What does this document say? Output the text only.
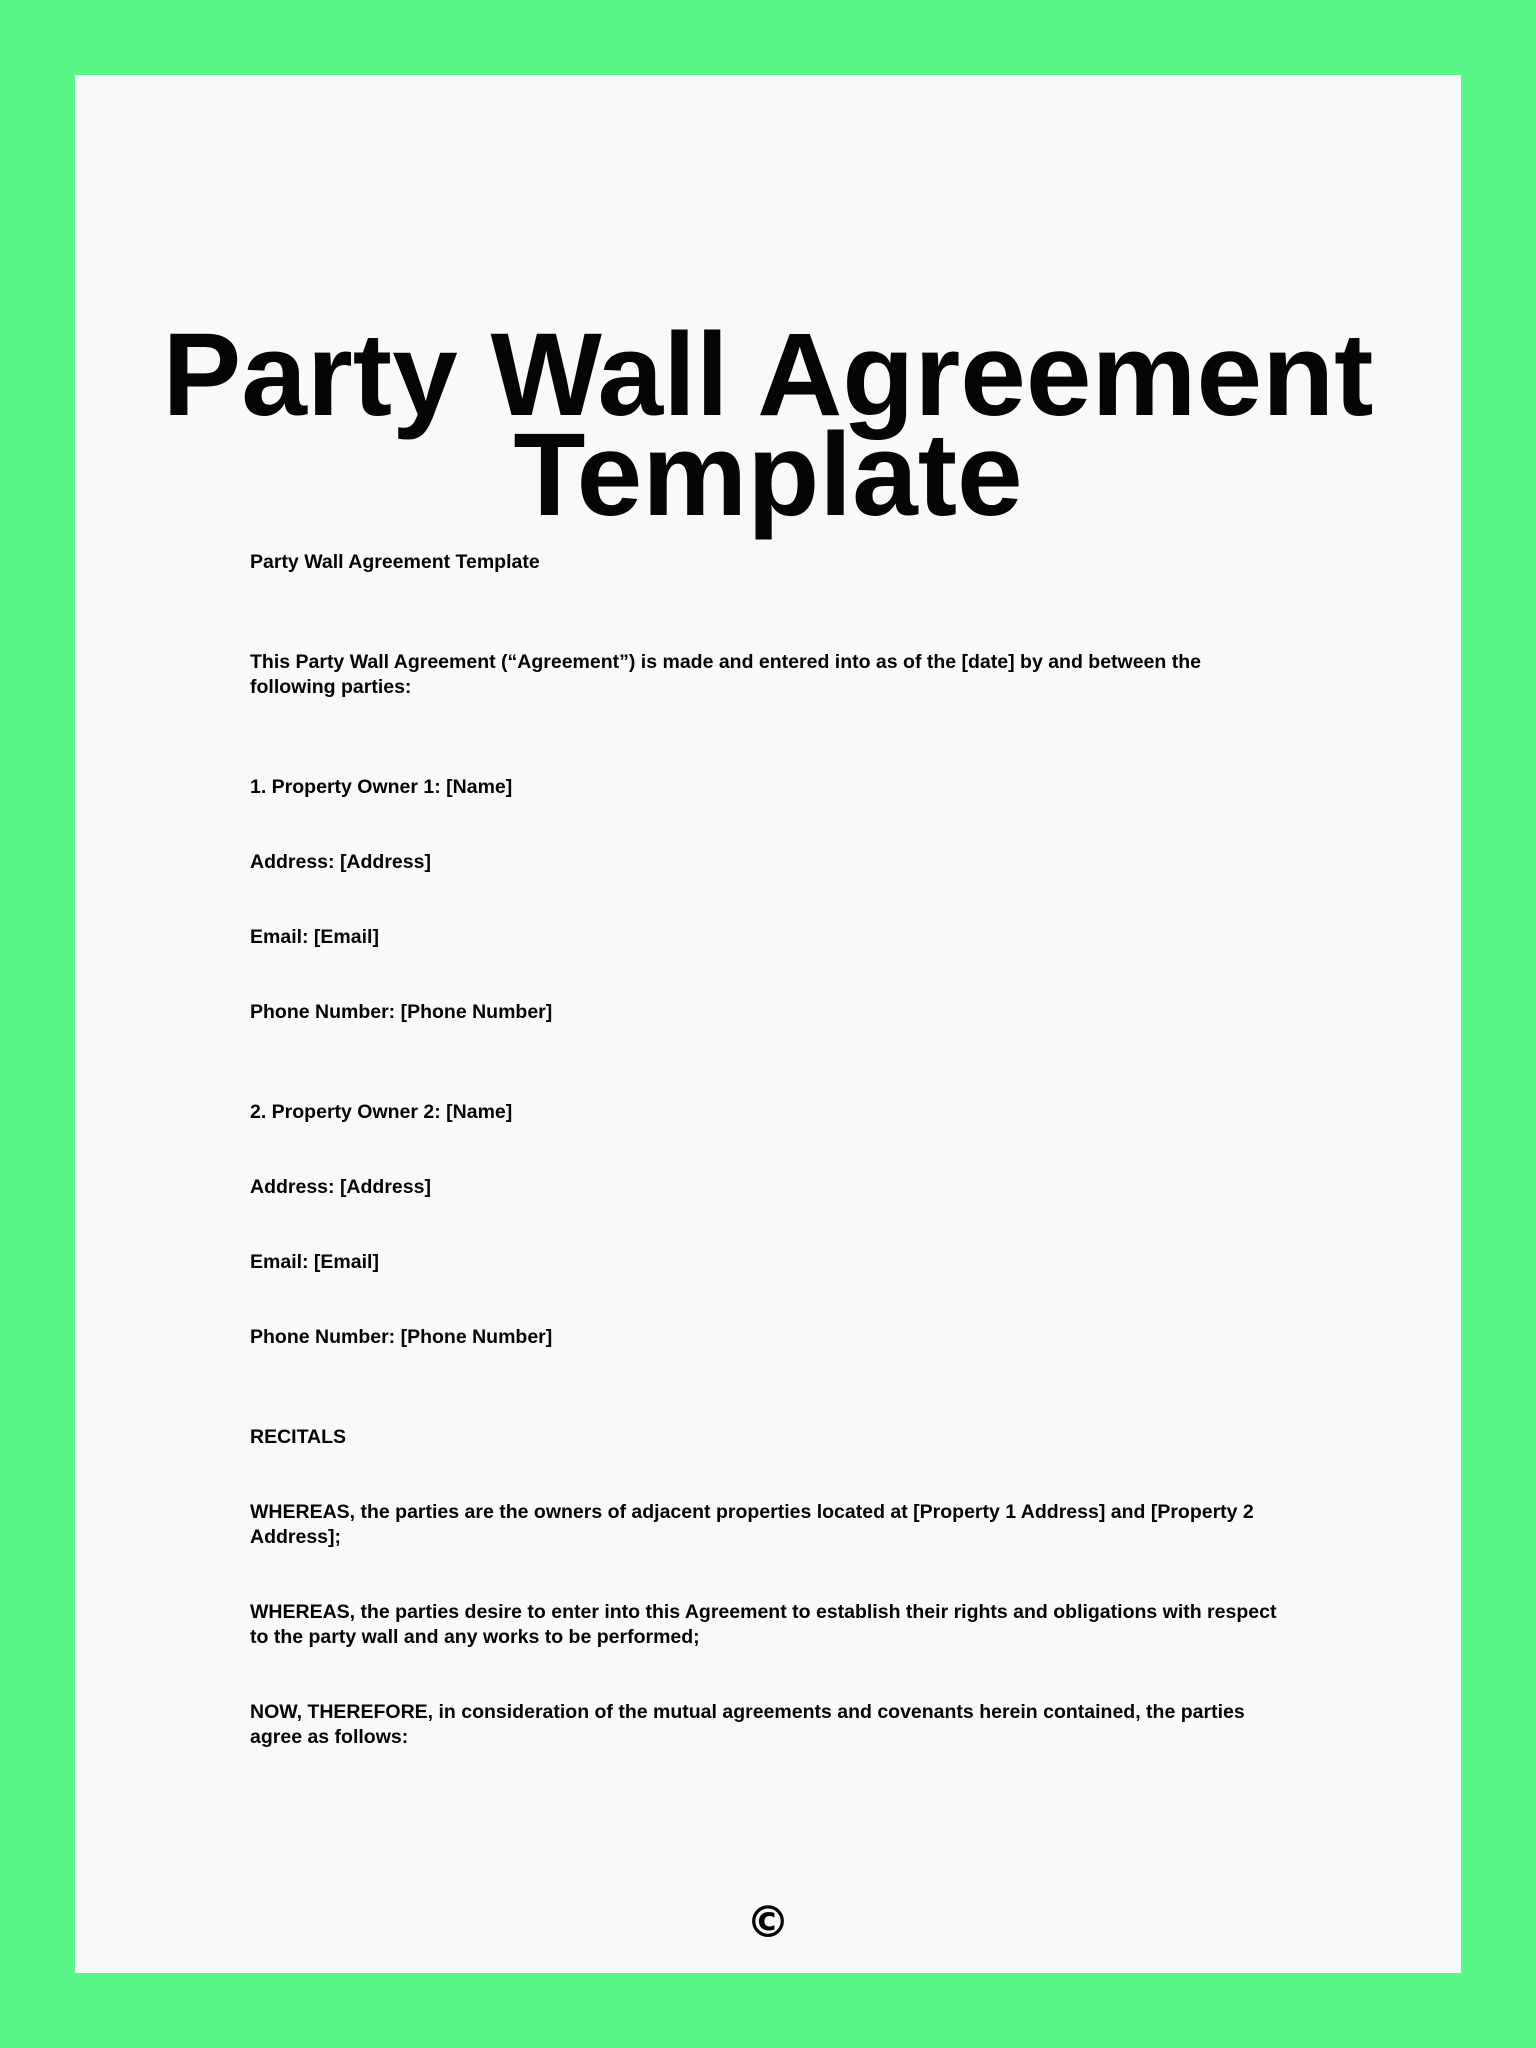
Party Wall Agreement
Template

Party Wall Agreement Template

This Party Wall Agreement (“Agreement”) is made and entered into as of the [date] by and between the following parties:

1. Property Owner 1: [Name]

Address: [Address]

Email: [Email]

Phone Number: [Phone Number]

2. Property Owner 2: [Name]

Address: [Address]

Email: [Email]

Phone Number: [Phone Number]

RECITALS

WHEREAS, the parties are the owners of adjacent properties located at [Property 1 Address] and [Property 2 Address];

WHEREAS, the parties desire to enter into this Agreement to establish their rights and obligations with respect to the party wall and any works to be performed;

NOW, THEREFORE, in consideration of the mutual agreements and covenants herein contained, the parties agree as follows:

©
